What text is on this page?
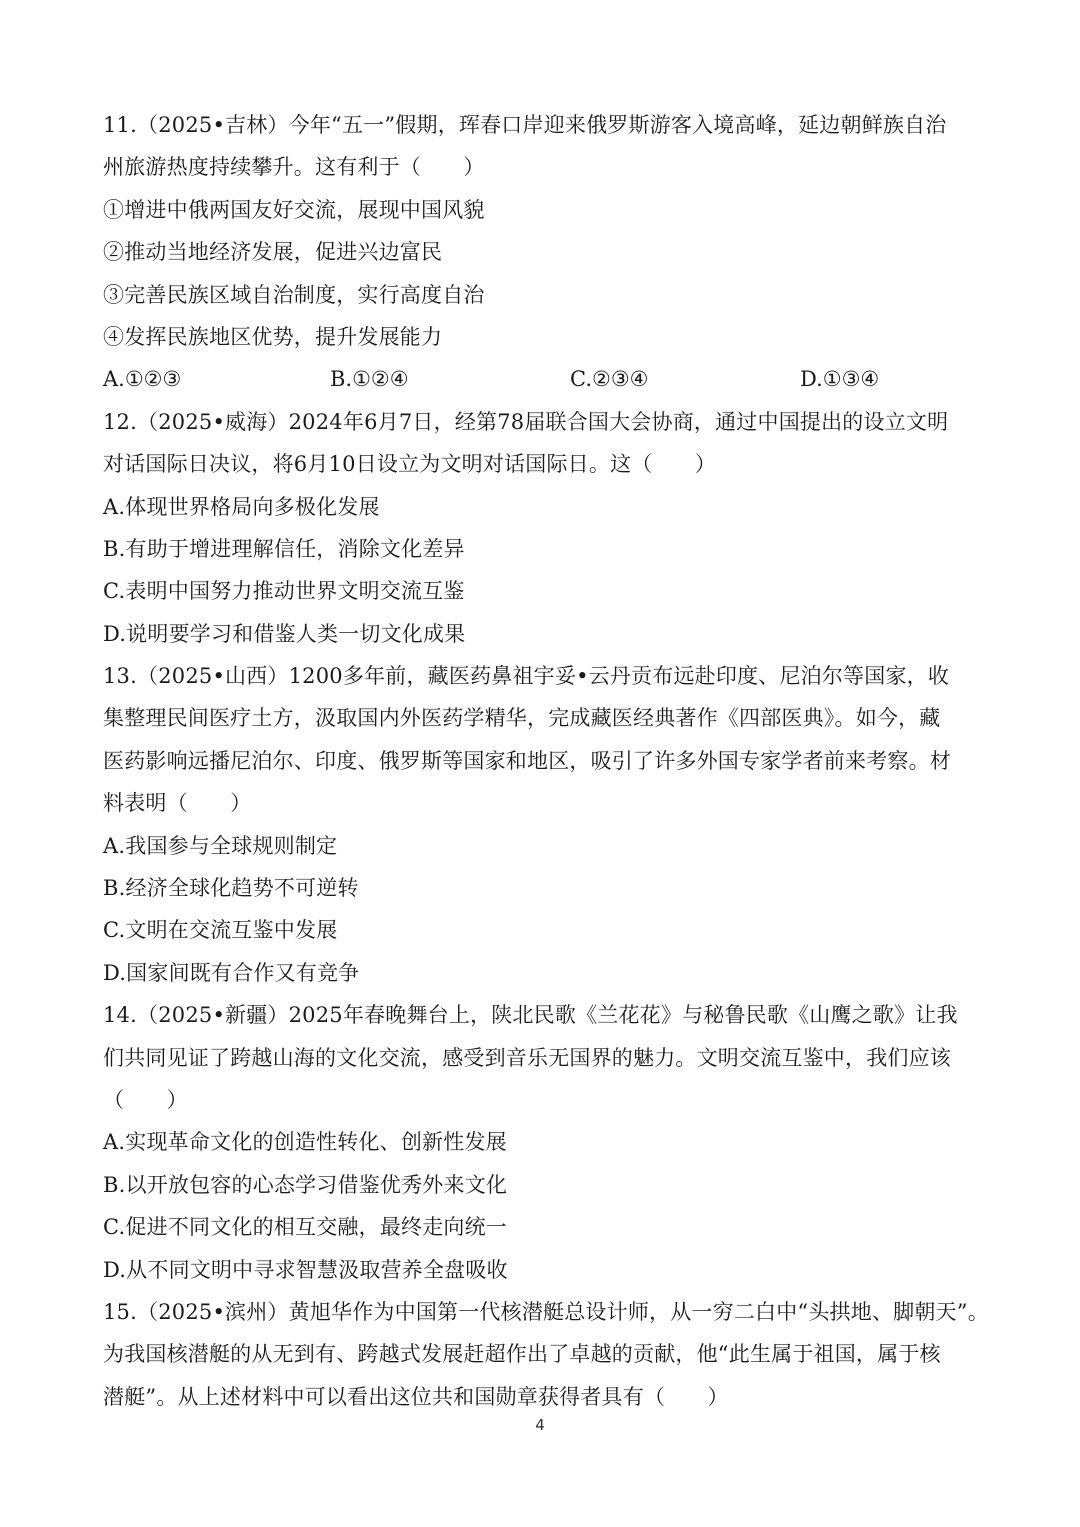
11.（2025•吉林）今年“五一”假期，珲春口岸迎来俄罗斯游客入境高峰，延边朝鲜族自治
州旅游热度持续攀升。这有利于（　　）
①增进中俄两国友好交流，展现中国风貌
②推动当地经济发展，促进兴边富民
③完善民族区域自治制度，实行高度自治
④发挥民族地区优势，提升发展能力
A.①②③	B.①②④	C.②③④	D.①③④
12.（2025•威海）2024年6月7日，经第78届联合国大会协商，通过中国提出的设立文明
对话国际日决议，将6月10日设立为文明对话国际日。这（　　）
A.体现世界格局向多极化发展
B.有助于增进理解信任，消除文化差异
C.表明中国努力推动世界文明交流互鉴
D.说明要学习和借鉴人类一切文化成果
13.（2025•山西）1200多年前，藏医药鼻祖宇妥•云丹贡布远赴印度、尼泊尔等国家，收
集整理民间医疗土方，汲取国内外医药学精华，完成藏医经典著作《四部医典》。如今，藏
医药影响远播尼泊尔、印度、俄罗斯等国家和地区，吸引了许多外国专家学者前来考察。材
料表明（　　）
A.我国参与全球规则制定
B.经济全球化趋势不可逆转
C.文明在交流互鉴中发展
D.国家间既有合作又有竞争
14.（2025•新疆）2025年春晚舞台上，陕北民歌《兰花花》与秘鲁民歌《山鹰之歌》让我
们共同见证了跨越山海的文化交流，感受到音乐无国界的魅力。文明交流互鉴中，我们应该
（　　）
A.实现革命文化的创造性转化、创新性发展
B.以开放包容的心态学习借鉴优秀外来文化
C.促进不同文化的相互交融，最终走向统一
D.从不同文明中寻求智慧汲取营养全盘吸收
15.（2025•滨州）黄旭华作为中国第一代核潜艇总设计师，从一穷二白中“头拱地、脚朝天”。
为我国核潜艇的从无到有、跨越式发展赶超作出了卓越的贡献，他“此生属于祖国，属于核
潜艇”。从上述材料中可以看出这位共和国勋章获得者具有（　　）
4
